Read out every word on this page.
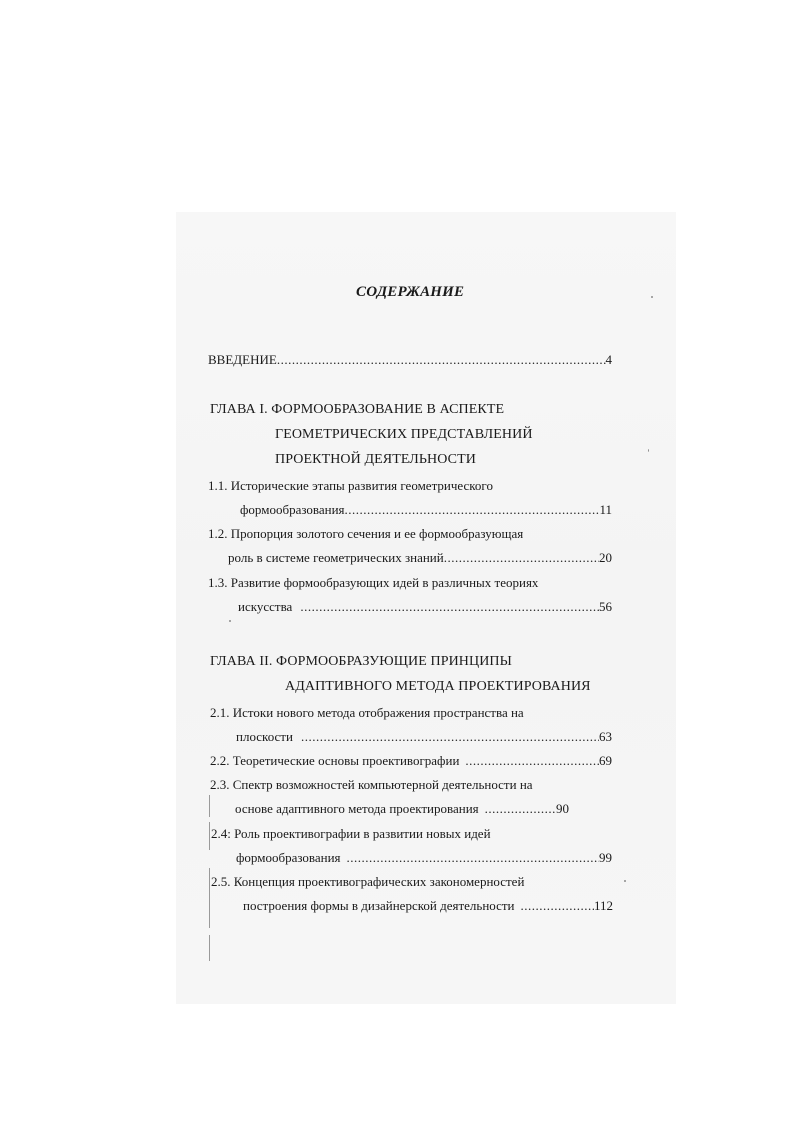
СОДЕРЖАНИЕ
ВВЕДЕНИЕ .....	4
ГЛАВА I. ФОРМООБРАЗОВАНИЕ В АСПЕКТЕ
ГЕОМЕТРИЧЕСКИХ ПРЕДСТАВЛЕНИЙ
ПРОЕКТНОЙ ДЕЯТЕЛЬНОСТИ
1.1. Исторические этапы развития геометрического
формообразования .....	11
1.2. Пропорция золотого сечения и ее формообразующая
роль в системе геометрических знаний .....	20
1.3. Развитие формообразующих идей в различных теориях
искусства .....	56
ГЛАВА II. ФОРМООБРАЗУЮЩИЕ ПРИНЦИПЫ
АДАПТИВНОГО МЕТОДА ПРОЕКТИРОВАНИЯ
2.1. Истоки нового метода отображения пространства на
плоскости .....	63
2.2. Теоретические основы проективографии .....	69
2.3. Спектр возможностей компьютерной деятельности на
основе адаптивного метода проектирования .....	90
2.4: Роль проективографии в развитии новых идей
формообразования .....	99
2.5. Концепция проективографических закономерностей
построения формы в дизайнерской деятельности .....	112
